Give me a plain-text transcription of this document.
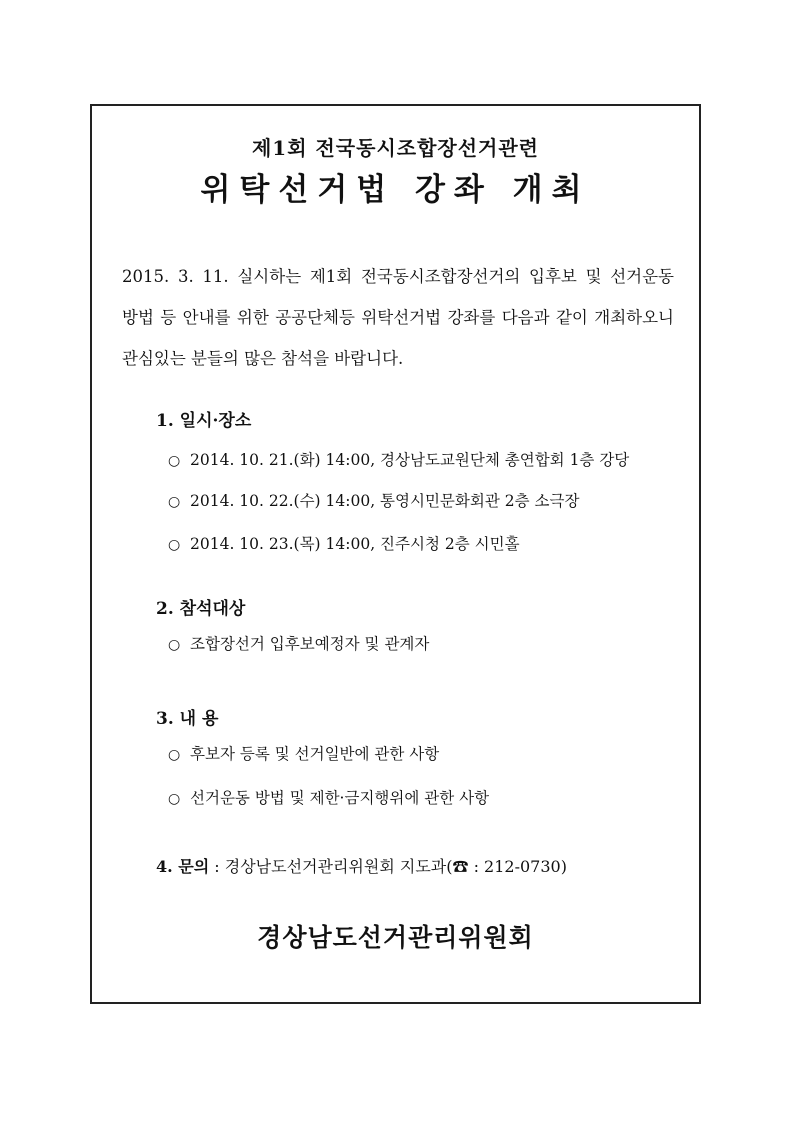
제1회 전국동시조합장선거관련
위탁선거법 강좌 개최
2015. 3. 11. 실시하는 제1회 전국동시조합장선거의 입후보 및 선거운동 방법 등 안내를 위한 공공단체등 위탁선거법 강좌를 다음과 같이 개최하오니 관심있는 분들의 많은 참석을 바랍니다.
1. 일시·장소
○ 2014. 10. 21.(화) 14:00, 경상남도교원단체 총연합회 1층 강당
○ 2014. 10. 22.(수) 14:00, 통영시민문화회관 2층 소극장
○ 2014. 10. 23.(목) 14:00, 진주시청 2층 시민홀
2. 참석대상
○ 조합장선거 입후보예정자 및 관계자
3. 내 용
○ 후보자 등록 및 선거일반에 관한 사항
○ 선거운동 방법 및 제한·금지행위에 관한 사항
4. 문의 : 경상남도선거관리위원회 지도과(☎ : 212-0730)
경상남도선거관리위원회
